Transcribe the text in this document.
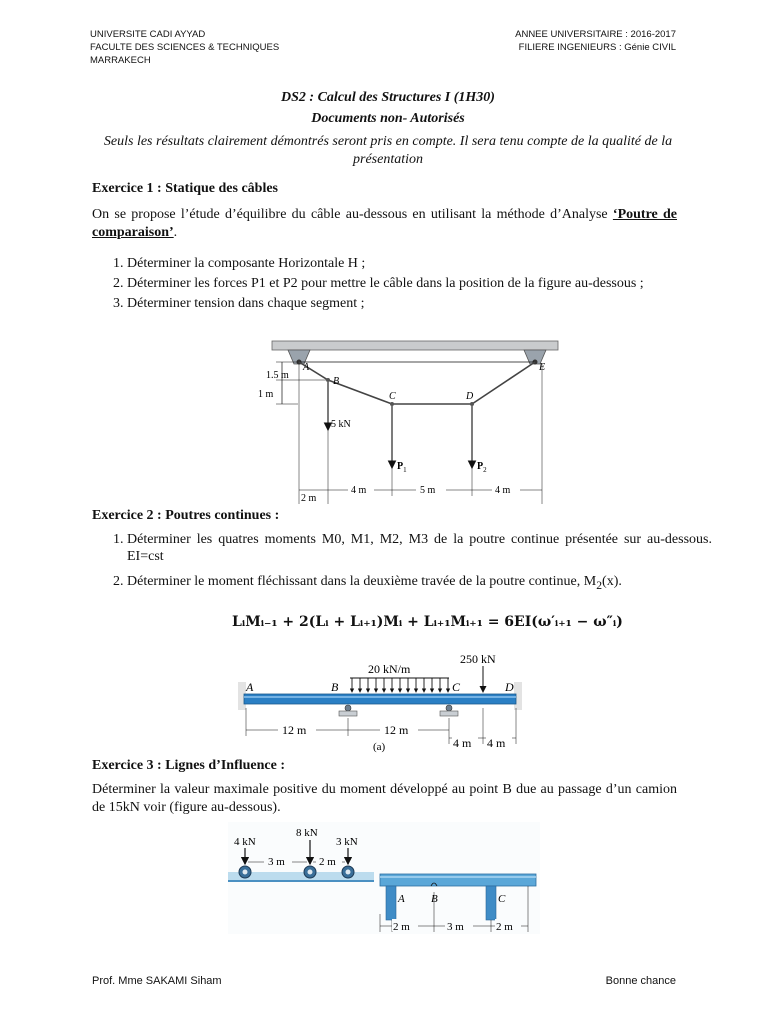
UNIVERSITE CADI AYYAD
FACULTE DES SCIENCES & TECHNIQUES
MARRAKECH
ANNEE UNIVERSITAIRE : 2016-2017
FILIERE INGENIEURS : Génie CIVIL
DS2 : Calcul des Structures I (1H30)
Documents non- Autorisés
Seuls les résultats clairement démontrés seront pris en compte. Il sera tenu compte de la qualité de la présentation
Exercice 1 : Statique des câbles
On se propose l’étude d’équilibre du câble au-dessous en utilisant la méthode d’Analyse ‘Poutre de comparaison’.
1. Déterminer la composante Horizontale H ;
2. Déterminer les forces P1 et P2 pour mettre le câble dans la position de la figure au-dessous ;
3. Déterminer tension dans chaque segment ;
A
B
C	D
E
1.5 m
1 m
5 kN
$P_1$	$P_2$
2 m
4 m	5 m	4 m
Exercice 2 : Poutres continues :
1. Déterminer les quatres moments M0, M1, M2, M3 de la poutre continue présentée sur au-dessous. EI=cst
2. Déterminer le moment fléchissant dans la deuxième travée de la poutre continue, $M_2(x)$.
LᵢMᵢ₋₁ + 2(Lᵢ + Lᵢ₊₁)Mᵢ + Lᵢ₊₁Mᵢ₊₁ = 6EI(ω′ᵢ₊₁ − ω″ᵢ)
20 kN/m
250 kN
A	B	C	D
12 m	12 m
4 m 4 m
(a)
Exercice 3 : Lignes d’Influence :
Déterminer la valeur maximale positive du moment développé au point B due au passage d’un camion de 15kN voir (figure au-dessous).
A B	C
4 kN
8 kN
3 kN
3 m	2 m
2 m	3 m	2 m
Prof. Mme SAKAMI Siham	Bonne chance
